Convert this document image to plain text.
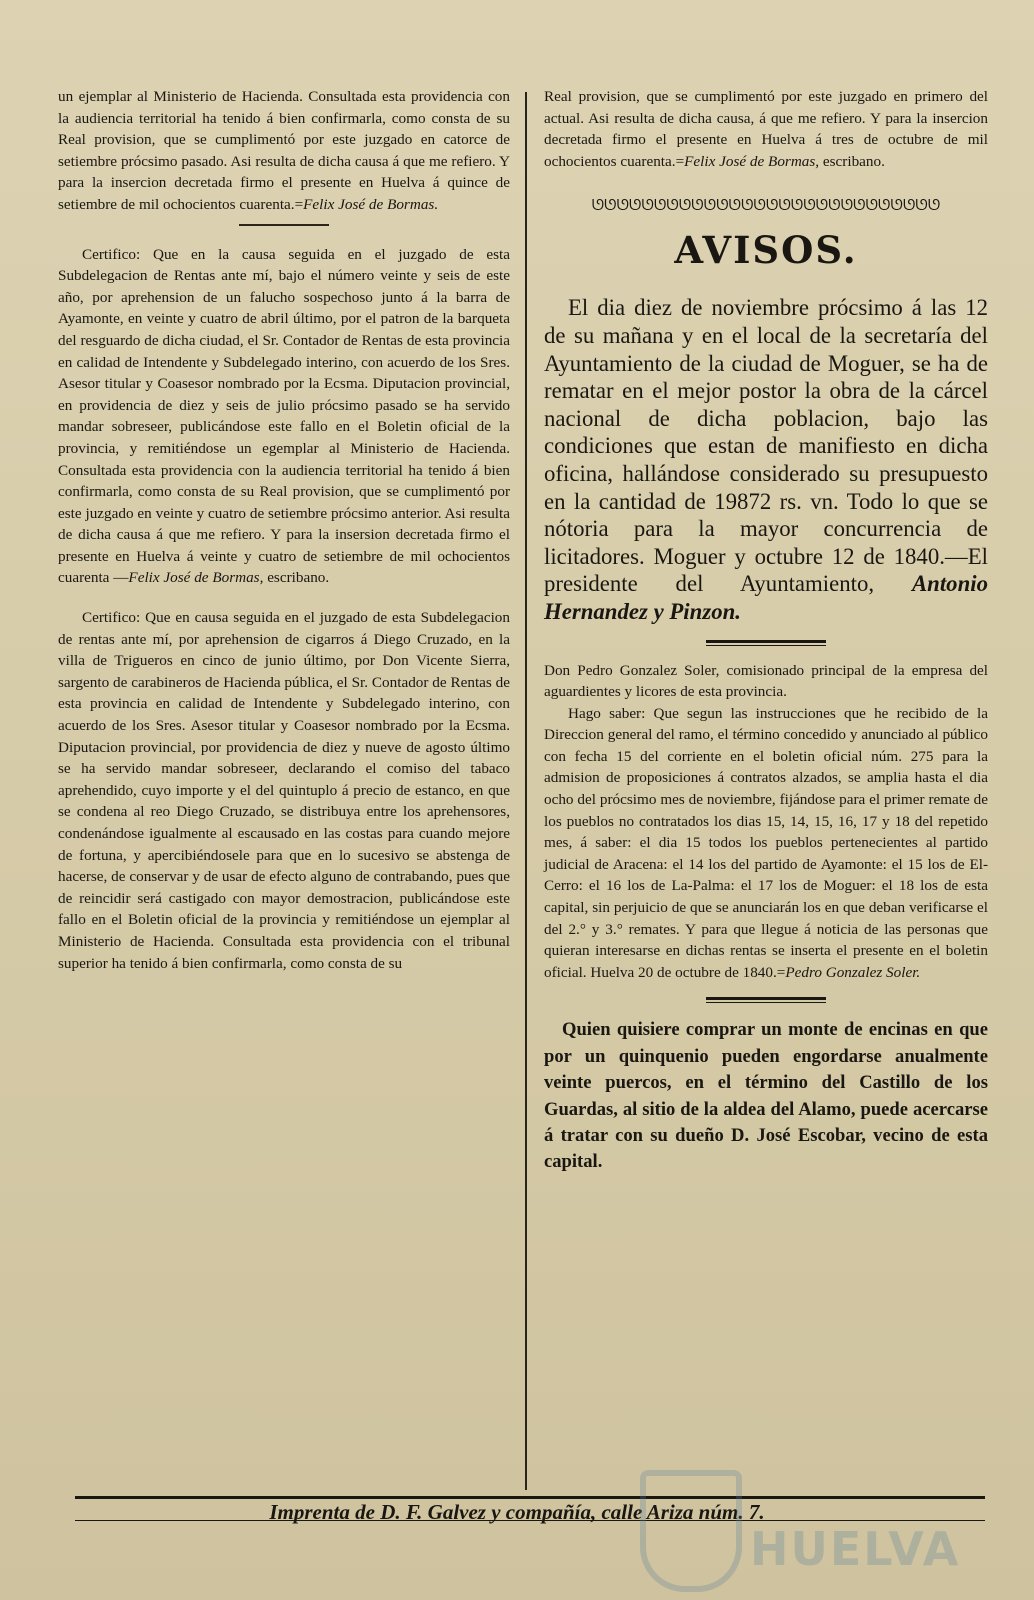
un ejemplar al Ministerio de Hacienda. Consultada esta providencia con la audiencia territorial ha tenido á bien confirmarla, como consta de su Real provision, que se cumplimentó por este juzgado en catorce de setiembre prócsimo pasado. Asi resulta de dicha causa á que me refiero. Y para la insercion decretada firmo el presente en Huelva á quince de setiembre de mil ochocientos cuarenta.=Felix José de Bormas.

Certifico: Que en la causa seguida en el juzgado de esta Subdelegacion de Rentas ante mí, bajo el número veinte y seis de este año, por aprehension de un falucho sospechoso junto á la barra de Ayamonte, en veinte y cuatro de abril último, por el patron de la barqueta del resguardo de dicha ciudad, el Sr. Contador de Rentas de esta provincia en calidad de Intendente y Subdelegado interino, con acuerdo de los Sres. Asesor titular y Coasesor nombrado por la Ecsma. Diputacion provincial, en providencia de diez y seis de julio prócsimo pasado se ha servido mandar sobreseer, publicándose este fallo en el Boletin oficial de la provincia, y remitiéndose un egemplar al Ministerio de Hacienda. Consultada esta providencia con la audiencia territorial ha tenido á bien confirmarla, como consta de su Real provision, que se cumplimentó por este juzgado en veinte y cuatro de setiembre prócsimo anterior. Asi resulta de dicha causa á que me refiero. Y para la insersion decretada firmo el presente en Huelva á veinte y cuatro de setiembre de mil ochocientos cuarenta —Felix José de Bormas, escribano.

Certifico: Que en causa seguida en el juzgado de esta Subdelegacion de rentas ante mí, por aprehension de cigarros á Diego Cruzado, en la villa de Trigueros en cinco de junio último, por Don Vicente Sierra, sargento de carabineros de Hacienda pública, el Sr. Contador de Rentas de esta provincia en calidad de Intendente y Subdelegado interino, con acuerdo de los Sres. Asesor titular y Coasesor nombrado por la Ecsma. Diputacion provincial, por providencia de diez y nueve de agosto último se ha servido mandar sobreseer, declarando el comiso del tabaco aprehendido, cuyo importe y el del quintuplo á precio de estanco, en que se condena al reo Diego Cruzado, se distribuya entre los aprehensores, condenándose igualmente al escausado en las costas para cuando mejore de fortuna, y apercibiéndosele para que en lo sucesivo se abstenga de hacerse, de conservar y de usar de efecto alguno de contrabando, pues que de reincidir será castigado con mayor demostracion, publicándose este fallo en el Boletin oficial de la provincia y remitiéndose un ejemplar al Ministerio de Hacienda. Consultada esta providencia con el tribunal superior ha tenido á bien confirmarla, como consta de su

Real provision, que se cumplimentó por este juzgado en primero del actual. Asi resulta de dicha causa, á que me refiero. Y para la insercion decretada firmo el presente en Huelva á tres de octubre de mil ochocientos cuarenta.=Felix José de Bormas, escribano.

ᘎᘎᘎᘎᘎᘎᘎᘎᘎᘎᘎᘎᘎᘎᘎᘎᘎᘎᘎᘎᘎᘎᘎᘎᘎᘎᘎᘎ
AVISOS.

El dia diez de noviembre prócsimo á las 12 de su mañana y en el local de la secretaría del Ayuntamiento de la ciudad de Moguer, se ha de rematar en el mejor postor la obra de la cárcel nacional de dicha poblacion, bajo las condiciones que estan de manifiesto en dicha oficina, hallándose considerado su presupuesto en la cantidad de 19872 rs. vn. Todo lo que se nótoria para la mayor concurrencia de licitadores. Moguer y octubre 12 de 1840.—El presidente del Ayuntamiento, Antonio Hernandez y Pinzon.

Don Pedro Gonzalez Soler, comisionado principal de la empresa del aguardientes y licores de esta provincia.

Hago saber: Que segun las instrucciones que he recibido de la Direccion general del ramo, el término concedido y anunciado al público con fecha 15 del corriente en el boletin oficial núm. 275 para la admision de proposiciones á contratos alzados, se amplia hasta el dia ocho del prócsimo mes de noviembre, fijándose para el primer remate de los pueblos no contratados los dias 15, 14, 15, 16, 17 y 18 del repetido mes, á saber: el dia 15 todos los pueblos pertenecientes al partido judicial de Aracena: el 14 los del partido de Ayamonte: el 15 los de El-Cerro: el 16 los de La-Palma: el 17 los de Moguer: el 18 los de esta capital, sin perjuicio de que se anunciarán los en que deban verificarse el del 2.° y 3.° remates. Y para que llegue á noticia de las personas que quieran interesarse en dichas rentas se inserta el presente en el boletin oficial. Huelva 20 de octubre de 1840.=Pedro Gonzalez Soler.

Quien quisiere comprar un monte de encinas en que por un quinquenio pueden engordarse anualmente veinte puercos, en el término del Castillo de los Guardas, al sitio de la aldea del Alamo, puede acercarse á tratar con su dueño D. José Escobar, vecino de esta capital.

Imprenta de D. F. Galvez y compañía, calle Ariza núm. 7.
HUELVA
